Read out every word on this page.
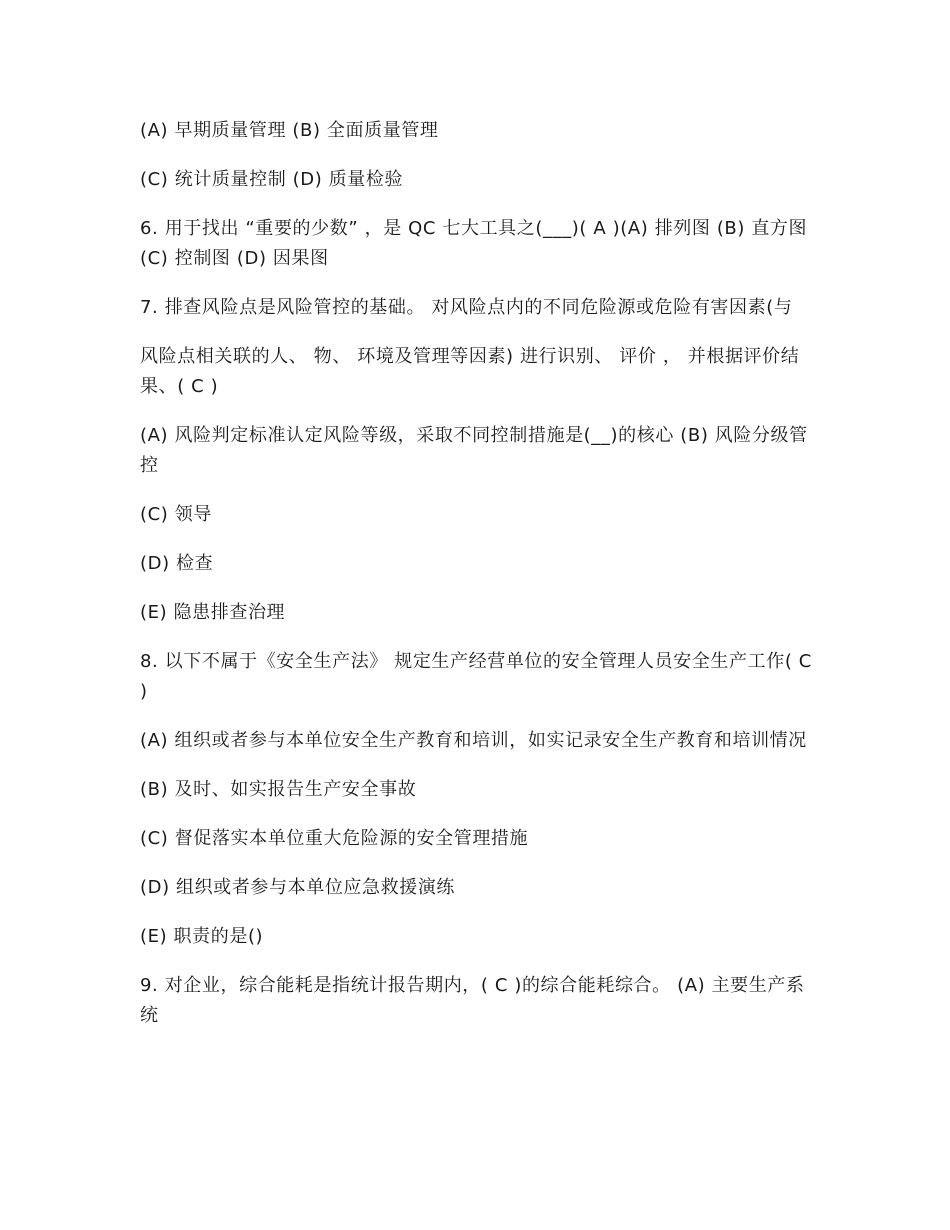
(A) 早期质量管理 (B) 全面质量管理

(C) 统计质量控制 (D) 质量检验

6. 用于找出 “重要的少数” ，是 QC 七大工具之(___)( A )(A) 排列图 (B) 直方图 (C) 控制图 (D) 因果图

7. 排查风险点是风险管控的基础。 对风险点内的不同危险源或危险有害因素(与

风险点相关联的人、 物、 环境及管理等因素) 进行识别、 评价 ， 并根据评价结果、( C )

(A) 风险判定标准认定风险等级，采取不同控制措施是(__)的核心 (B) 风险分级管控

(C) 领导

(D) 检查

(E) 隐患排查治理

8. 以下不属于《安全生产法》 规定生产经营单位的安全管理人员安全生产工作( C )

(A) 组织或者参与本单位安全生产教育和培训，如实记录安全生产教育和培训情况

(B) 及时、如实报告生产安全事故

(C) 督促落实本单位重大危险源的安全管理措施

(D) 组织或者参与本单位应急救援演练

(E) 职责的是()

9. 对企业，综合能耗是指统计报告期内，( C )的综合能耗综合。 (A) 主要生产系统
